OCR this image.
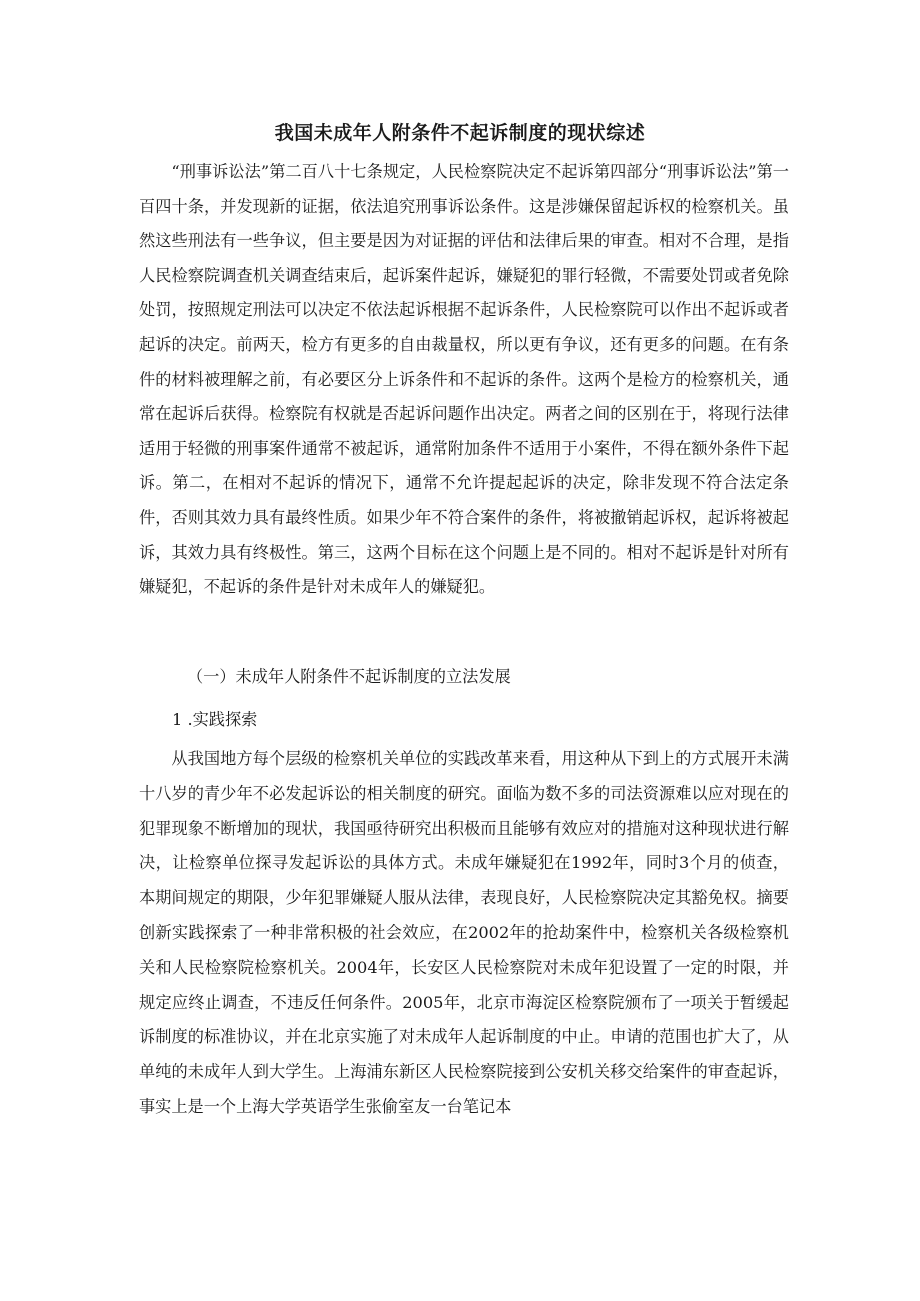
我国未成年人附条件不起诉制度的现状综述

“刑事诉讼法”第二百八十七条规定，人民检察院决定不起诉第四部分“刑事诉讼法”第一百四十条，并发现新的证据，依法追究刑事诉讼条件。这是涉嫌保留起诉权的检察机关。虽然这些刑法有一些争议，但主要是因为对证据的评估和法律后果的审查。相对不合理，是指人民检察院调查机关调查结束后，起诉案件起诉，嫌疑犯的罪行轻微，不需要处罚或者免除处罚，按照规定刑法可以决定不依法起诉根据不起诉条件，人民检察院可以作出不起诉或者起诉的决定。前两天，检方有更多的自由裁量权，所以更有争议，还有更多的问题。在有条件的材料被理解之前，有必要区分上诉条件和不起诉的条件。这两个是检方的检察机关，通常在起诉后获得。检察院有权就是否起诉问题作出决定。两者之间的区别在于，将现行法律适用于轻微的刑事案件通常不被起诉，通常附加条件不适用于小案件，不得在额外条件下起诉。第二，在相对不起诉的情况下，通常不允许提起起诉的决定，除非发现不符合法定条件，否则其效力具有最终性质。如果少年不符合案件的条件，将被撤销起诉权，起诉将被起诉，其效力具有终极性。第三，这两个目标在这个问题上是不同的。相对不起诉是针对所有嫌疑犯，不起诉的条件是针对未成年人的嫌疑犯。

（一）未成年人附条件不起诉制度的立法发展

1 .实践探索

从我国地方每个层级的检察机关单位的实践改革来看，用这种从下到上的方式展开未满十八岁的青少年不必发起诉讼的相关制度的研究。面临为数不多的司法资源难以应对现在的犯罪现象不断增加的现状，我国亟待研究出积极而且能够有效应对的措施对这种现状进行解决，让检察单位探寻发起诉讼的具体方式。未成年嫌疑犯在1992年，同时3个月的侦查，本期间规定的期限，少年犯罪嫌疑人服从法律，表现良好，人民检察院决定其豁免权。摘要创新实践探索了一种非常积极的社会效应，在2002年的抢劫案件中，检察机关各级检察机关和人民检察院检察机关。2004年，长安区人民检察院对未成年犯设置了一定的时限，并规定应终止调查，不违反任何条件。2005年，北京市海淀区检察院颁布了一项关于暂缓起诉制度的标准协议，并在北京实施了对未成年人起诉制度的中止。申请的范围也扩大了，从单纯的未成年人到大学生。上海浦东新区人民检察院接到公安机关移交给案件的审查起诉，事实上是一个上海大学英语学生张偷室友一台笔记本
